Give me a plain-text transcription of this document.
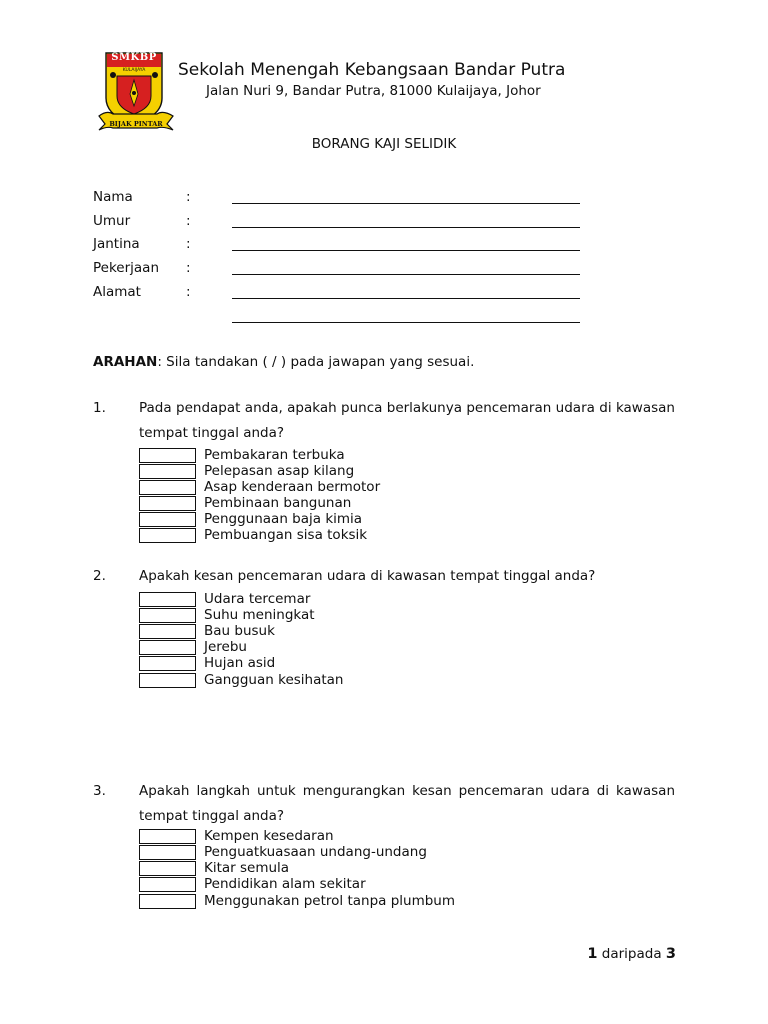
SMKBP
KULAIJAYA
BIJAK PINTAR
Sekolah Menengah Kebangsaan Bandar Putra
Jalan Nuri 9, Bandar Putra, 81000 Kulaijaya, Johor
BORANG KAJI SELIDIK
Nama	:
Umur	:
Jantina	:
Pekerjaan :
Alamat	:
ARAHAN: Sila tandakan ( / ) pada jawapan yang sesuai.
1. Pada pendapat anda, apakah punca berlakunya pencemaran udara di kawasan tempat tinggal anda?
Pembakaran terbuka
Pelepasan asap kilang
Asap kenderaan bermotor
Pembinaan bangunan
Penggunaan baja kimia
Pembuangan sisa toksik
2. Apakah kesan pencemaran udara di kawasan tempat tinggal anda?
Udara tercemar
Suhu meningkat
Bau busuk
Jerebu
Hujan asid
Gangguan kesihatan
3. Apakah langkah untuk mengurangkan kesan pencemaran udara di kawasan tempat tinggal anda?
Kempen kesedaran
Penguatkuasaan undang-undang
Kitar semula
Pendidikan alam sekitar
Menggunakan petrol tanpa plumbum
1 daripada 3
